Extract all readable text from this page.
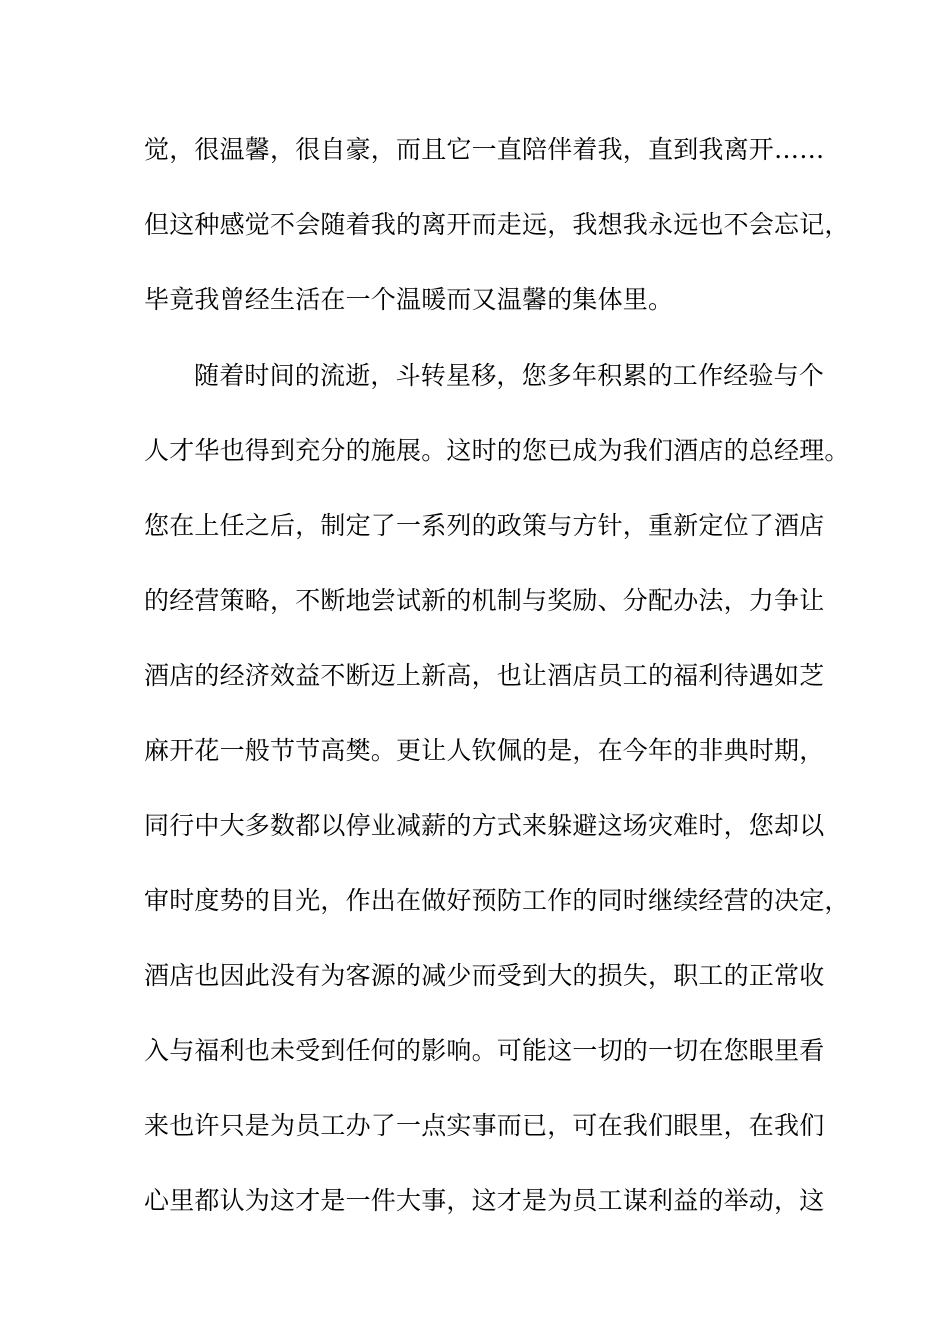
觉，很温馨，很自豪，而且它一直陪伴着我，直到我离开……
但这种感觉不会随着我的离开而走远，我想我永远也不会忘记，
毕竟我曾经生活在一个温暖而又温馨的集体里。
随着时间的流逝，斗转星移，您多年积累的工作经验与个
人才华也得到充分的施展。这时的您已成为我们酒店的总经理。
您在上任之后，制定了一系列的政策与方针，重新定位了酒店
的经营策略，不断地尝试新的机制与奖励、分配办法，力争让
酒店的经济效益不断迈上新高，也让酒店员工的福利待遇如芝
麻开花一般节节高樊。更让人钦佩的是，在今年的非典时期，
同行中大多数都以停业减薪的方式来躲避这场灾难时，您却以
审时度势的目光，作出在做好预防工作的同时继续经营的决定，
酒店也因此没有为客源的减少而受到大的损失，职工的正常收
入与福利也未受到任何的影响。可能这一切的一切在您眼里看
来也许只是为员工办了一点实事而已，可在我们眼里，在我们
心里都认为这才是一件大事，这才是为员工谋利益的举动，这
